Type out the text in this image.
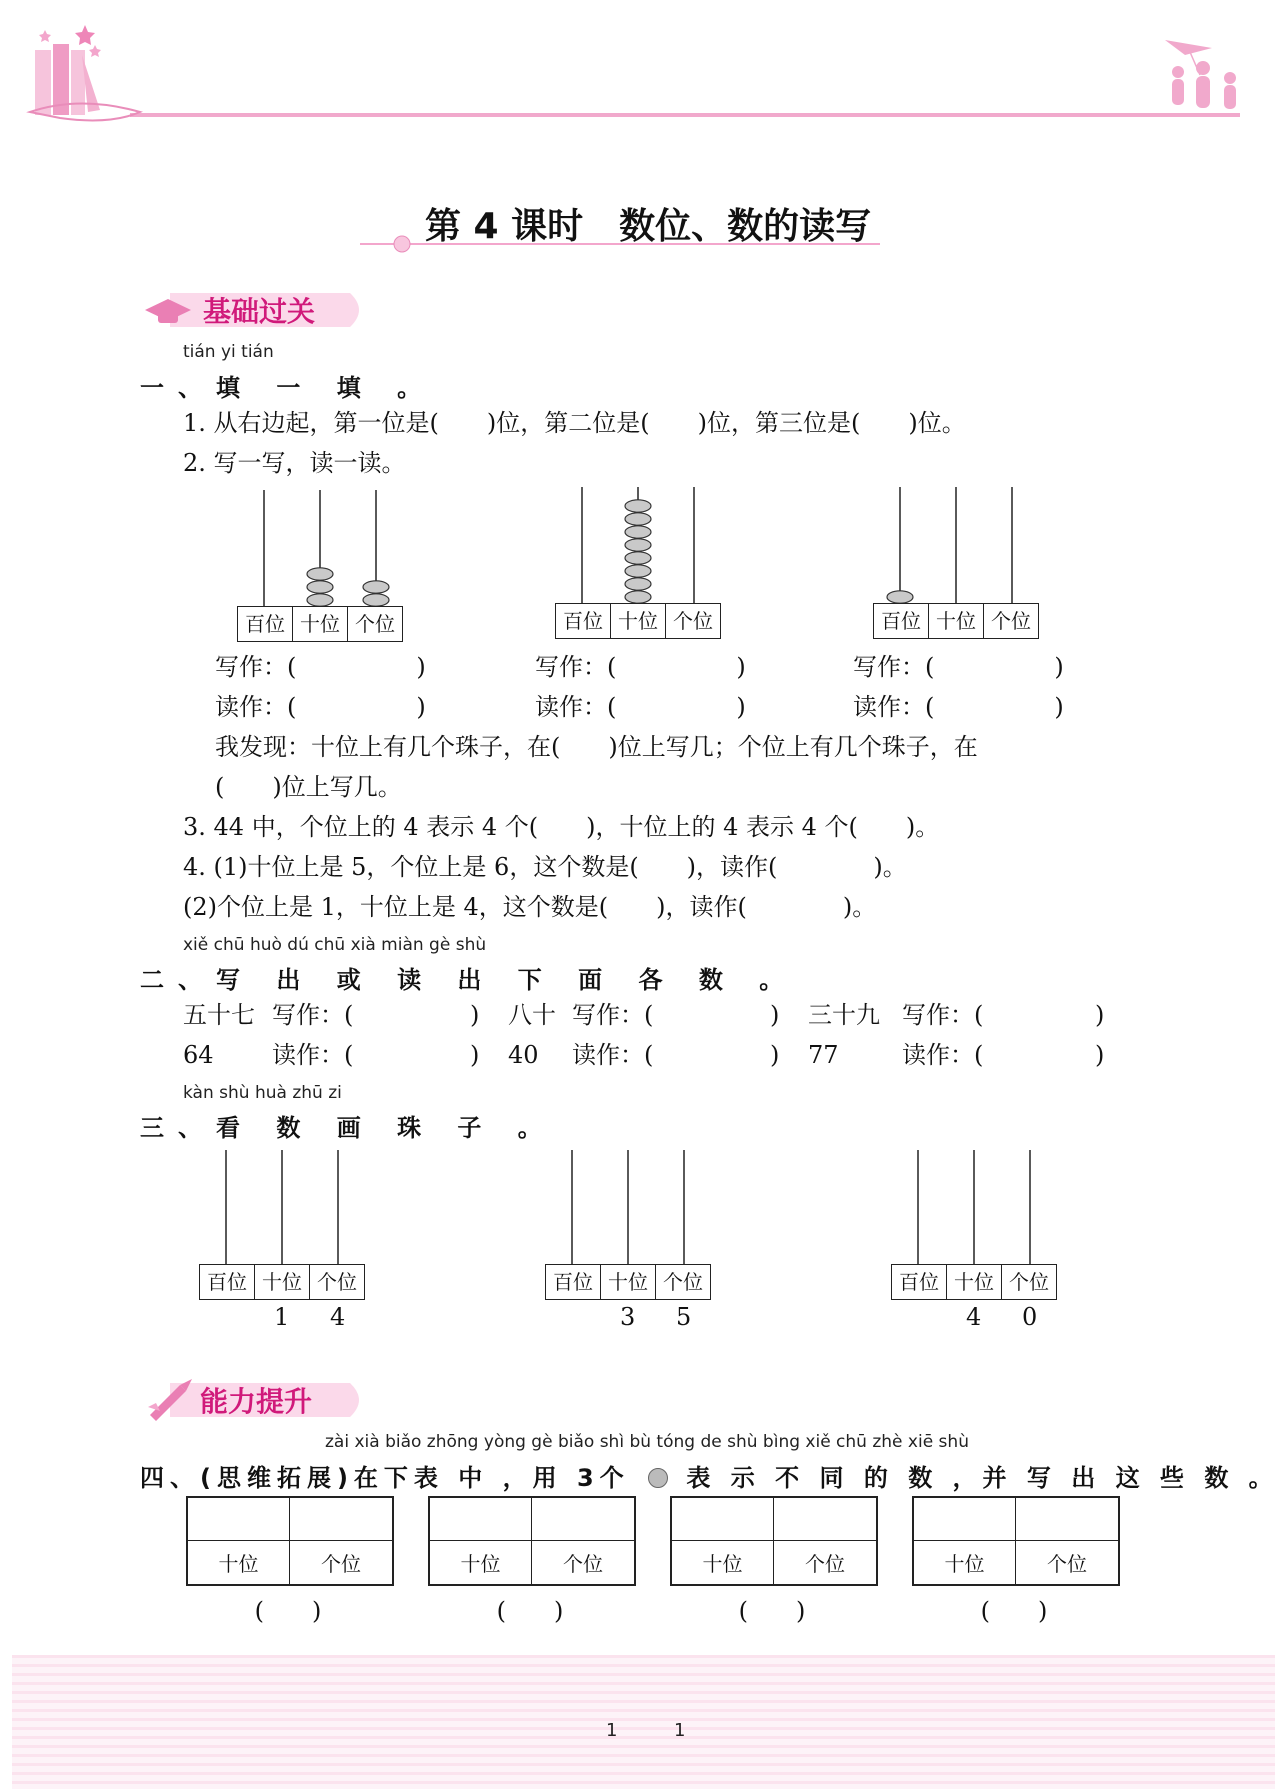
第 4 课时　数位、数的读写
基础过关
tián yi tián
一、填 一 填 。
1. 从右边起，第一位是(　　)位，第二位是(　　)位，第三位是(　　)位。
2. 写一写，读一读。
百位 十位 个位	百位 十位 个位	百位 十位 个位
写作：(　　　　　)	写作：(　　　　　)	写作：(　　　　　)
读作：(　　　　　)	读作：(　　　　　)	读作：(　　　　　)
我发现：十位上有几个珠子，在(　　)位上写几；个位上有几个珠子，在
(　　)位上写几。
3. 44 中，个位上的 4 表示 4 个(　　)，十位上的 4 表示 4 个(　　)。
4. (1)十位上是 5，个位上是 6，这个数是(　　)，读作(　　　　)。
(2)个位上是 1，十位上是 4，这个数是(　　)，读作(　　　　)。
xiě chū huò dú chū xià miàn gè shù
二、写 出 或 读 出 下 面 各 数 。
五十七 写作：(	) 八十 写作：(	) 三十九 写作：(	)
64 读作：(	) 40 读作：(	) 77	读作：(	)
kàn shù huà zhū zi
三、看 数 画 珠 子 。
百位 十位 个位
1 4
百位 十位 个位
3 5
百位 十位 个位
4 0
能力提升
zài xià biǎo zhōng yòng gè biǎo shì bù tóng de shù bìng xiě chū zhè xiē shù
四、(思维拓展)在下表 中 ，用 3个 表 示 不 同 的 数 ，并 写 出 这 些 数 。
十位	个位
(　　)
十位	个位
(　　)
十位	个位
(　　)
十位	个位
(　　)
1	1
